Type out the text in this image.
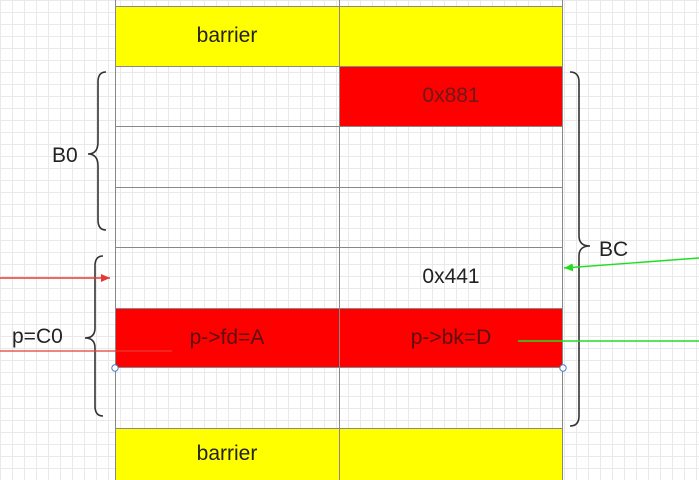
barrier
0x881
0x441
p->fd=A	p->bk=D
barrier
B0
BC
p=C0
